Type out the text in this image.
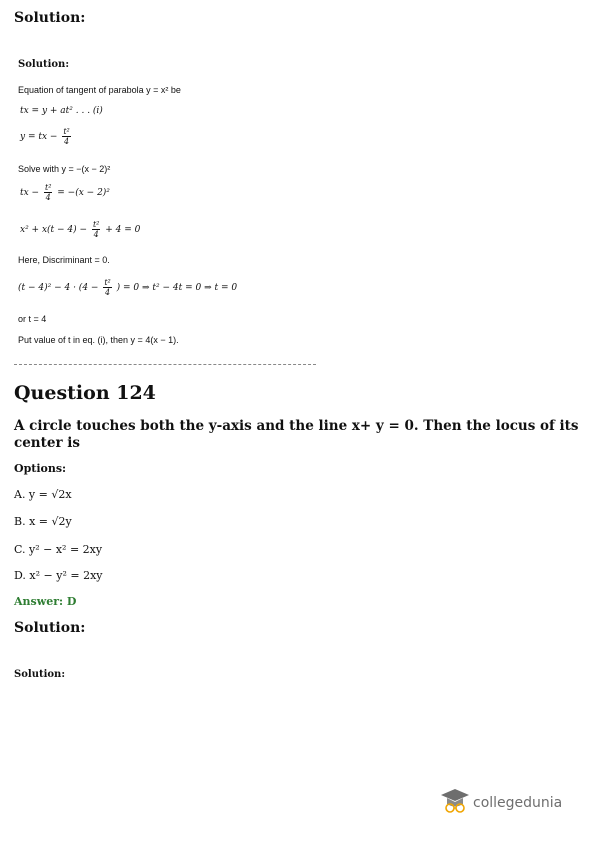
Solution:
Solution:
Equation of tangent of parabola y = x² be
tx = y + at² . . . (i)
y = tx − $\frac{\text{t²}}{4}$
Solve with y = −(x − 2)²
tx − $\frac{\text{t²}}{4} = -(x - 2)^2$
$x^2 + x(t - 4) - \frac{\text{t²}}{4} + 4 = 0$
Here, Discriminant = 0.
$(t - 4)^2 - 4 \cdot (4 - \frac{\text{t²}}{4}$ ) = 0 ⇒ t² − 4t = 0 ⇒ t = 0
or t = 4
Put value of t in eq. (i), then y = 4(x − 1).
Question 124
A circle touches both the y-axis and the line x+ y = 0. Then the locus of its center is
Options:
A. y = √2x
B. x = √2y
C. y² − x² = 2xy
D. x² − y² = 2xy
Answer: D
Solution:
Solution:
collegedunia
